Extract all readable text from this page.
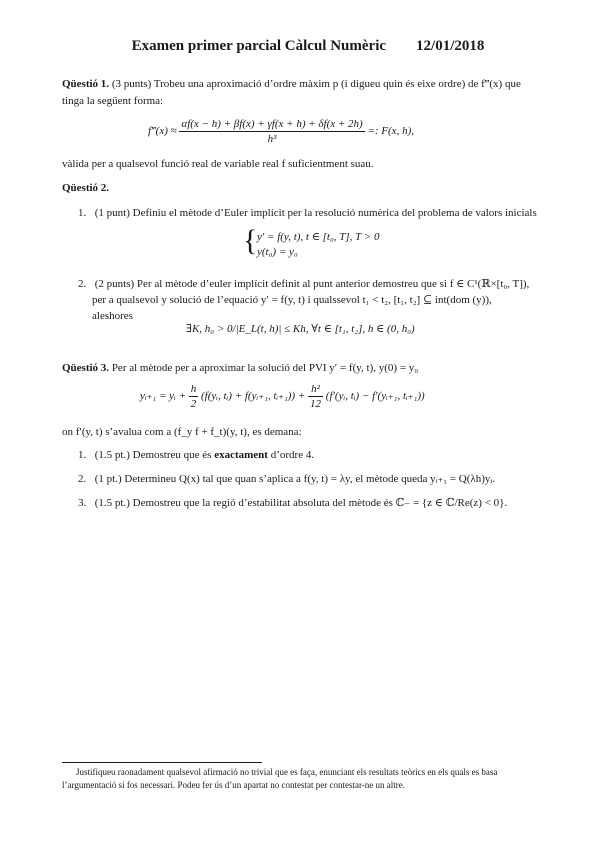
Examen primer parcial Càlcul Numèric 12/01/2018
Qüestió 1. (3 punts) Trobeu una aproximació d’ordre màxim p (i digueu quin és eixe ordre) de f‴(x) que
tinga la següent forma:
f‴(x) ≈ $\frac{\alpha f(x - h) + \beta f(x) + \gamma f(x + h) + \delta f(x + 2h)}{\text{h³}}$ =: F(x, h),
vàlida per a qualsevol funció real de variable real f suficientment suau.
Qüestió 2.
1. (1 punt) Definiu el mètode d’Euler implícit per la resolució numèrica del problema de valors inicials
{ y′ = f(y, t), t ∈ [t₀, T], T > 0
y(t₀) = y₀
2. (2 punts) Per al mètode d’euler implícit definit al punt anterior demostreu que si f ∈ C¹(ℝ×[t₀, T]),
per a qualsevol y solució de l’equació y′ = f(y, t) i qualssevol t₁ < t₂, [t₁, t₂] ⊆ int(dom (y)),
aleshores
∃K, h₀ > 0/|E_L(t, h)| ≤ Kh, ∀t ∈ [t₁, t₂], h ∈ (0, h₀)
Qüestió 3. Per al mètode per a aproximar la solució del PVI y′ = f(y, t), y(0) = y₀
yᵢ₊₁ = yᵢ + $\frac{h}{2}$ (f(yᵢ, tᵢ) + f(yᵢ₊₁, tᵢ₊₁)) + $\frac{\text{h²}}{12}$ (f′(yᵢ, tᵢ) − f′(yᵢ₊₁, tᵢ₊₁))
on f′(y, t) s’avalua com a (f_y f + f_t)(y, t), es demana:
1. (1.5 pt.) Demostreu que és exactament d’ordre 4.
2. (1 pt.) Determineu Q(x) tal que quan s’aplica a f(y, t) = λy, el mètode queda yᵢ₊₁ = Q(λh)yᵢ.
3. (1.5 pt.) Demostreu que la regió d’estabilitat absoluta del mètode és ℂ₋ = {z ∈ ℂ/Re(z) < 0}.
Justifiqueu raonadament qualsevol afirmació no trivial que es faça, enunciant els resultats teòrics en els quals es basa
l’argumentació si fos necessari. Podeu fer ús d’un apartat no contestat per contestar-ne un altre.
